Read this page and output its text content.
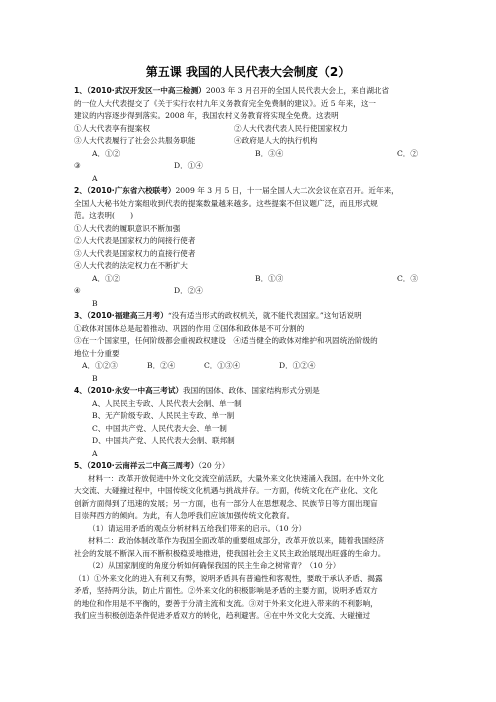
第五课 我国的人民代表大会制度（2）
1、（2010·武汉开发区一中高三检测）2003 年 3 月召开的全国人民代表大会上，来自湖北省
的一位人大代表提交了《关于实行农村九年义务教育完全免费制的建议》。近 5 年来，这一
建议的内容逐步得到落实。2008 年，我国农村义务教育将实现全免费。这表明
①人大代表享有提案权	②人大代表代表人民行使国家权力
③人大代表履行了社会公共服务职能	④政府是人大的执行机构
A．①②	B．③④	C．②
③	D．①④
A
2、（2010·广东省六校联考）2009 年 3 月 5 日，十一届全国人大二次会议在京召开。近年来，
全国人大秘书处方案组收到代表的提案数量越来越多。这些提案不但议题广泛，而且形式规
范。这表明(　　)
①人大代表的履职意识不断加强
②人大代表是国家权力的间接行使者
③人大代表是国家权力的直接行使者
④人大代表的法定权力在不断扩大
A．①②	B．①③	C．③
④	D．②④
B
3、（2010·福建高三月考）“没有适当形式的政权机关，就不能代表国家。”这句话说明
①政体对国体总是起着推动、巩固的作用 ②国体和政体是不可分割的
③在一个国家里，任何阶级都会重视政权建设　④适当健全的政体对维护和巩固统治阶级的
地位十分重要
A．①②③	B．②④	C．①③④	D．①②④
B
4、（2010·永安一中高三考试）我国的国体、政体、国家结构形式分别是
A、人民民主专政、人民代表大会制、单一制
B、无产阶级专政、人民民主专政、单一制
C、中国共产党、人民代表大会、单一制
D、中国共产党、人民代表大会制、联邦制
A
5、（2010·云南祥云二中高三周考）（20 分）
材料一：改革开放促进中外文化交流空前活跃，大量外来文化快速涌入我国。在中外文化
大交流、大碰撞过程中，中国传统文化机遇与挑战并存。一方面，传统文化在产业化、文化
创新方面得到了迅速的发展；另一方面，也有一部分人在思想观念、民族节日等方面出现盲
目崇拜西方的倾向。为此，有人急呼我们应该加强传统文化教育。
（1）请运用矛盾的观点分析材料五给我们带来的启示。（10 分）
材料二：政治体制改革作为我国全面改革的重要组成部分，改革开放以来，随着我国经济
社会的发展不断深入而不断积极稳妥地推进，使我国社会主义民主政治展现出旺盛的生命力。
（2）从国家制度的角度分析如何确保我国的民主生命之树常青？（10 分）
（1）①外来文化的进入有利又有弊，说明矛盾具有普遍性和客观性，要敢于承认矛盾、揭露
矛盾，坚持两分法，防止片面性。②外来文化的积极影响是矛盾的主要方面，说明矛盾双方
的地位和作用是不平衡的，要善于分清主流和支流。③对于外来文化进入带来的不利影响，
我们应当积极创造条件促进矛盾双方的转化，趋利避害。④在中外文化大交流、大碰撞过
